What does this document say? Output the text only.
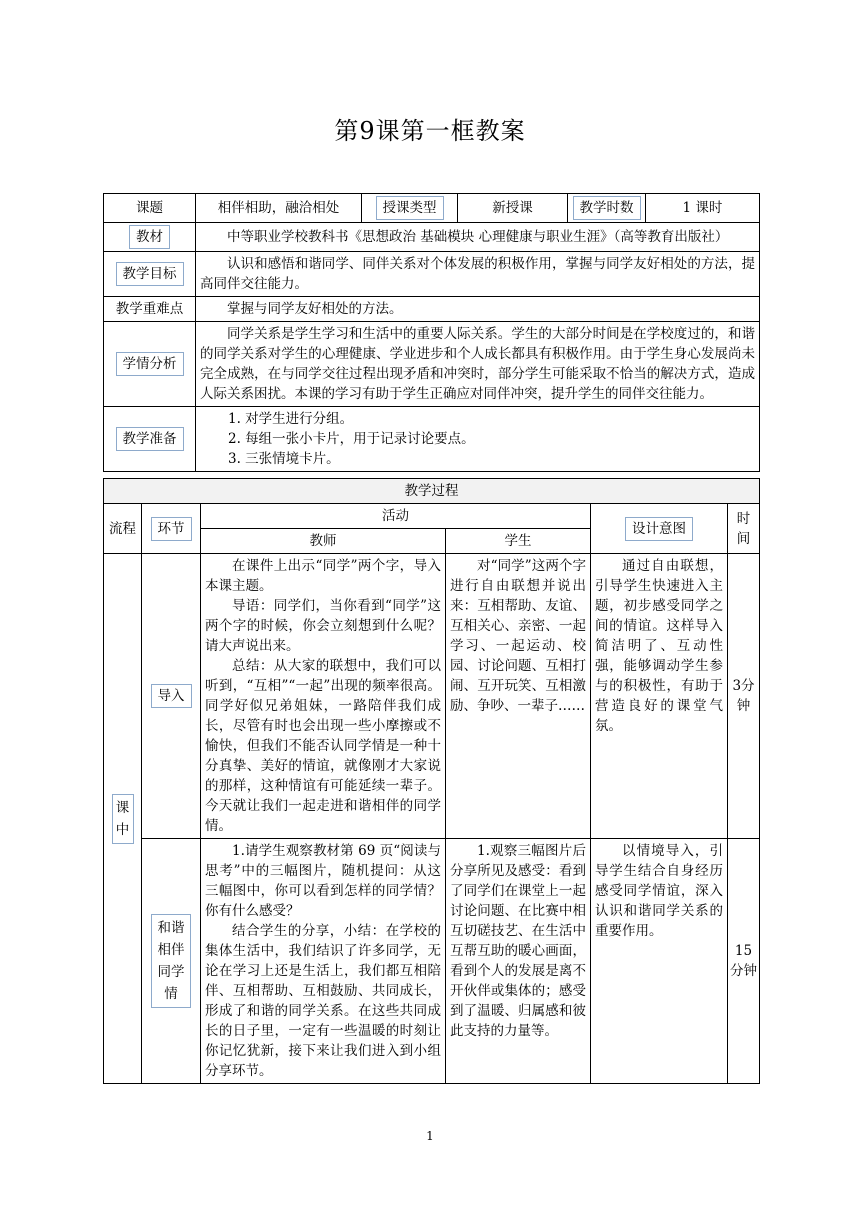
第9课第一框教案
课题	相伴相助，融洽相处	授课类型	新授课	教学时数	1 课时
教材	中等职业学校教科书《思想政治 基础模块 心理健康与职业生涯》（高等教育出版社）				
教学目标	认识和感悟和谐同学、同伴关系对个体发展的积极作用，掌握与同学友好相处的方法，提高同伴交往能力。				
教学重难点	掌握与同学友好相处的方法。				
学情分析	同学关系是学生学习和生活中的重要人际关系。学生的大部分时间是在学校度过的，和谐的同学关系对学生的心理健康、学业进步和个人成长都具有积极作用。由于学生身心发展尚未完全成熟，在与同学交往过程出现矛盾和冲突时，部分学生可能采取不恰当的解决方式，造成人际关系困扰。本课的学习有助于学生正确应对同伴冲突，提升学生的同伴交往能力。				
教学准备	1. 对学生进行分组。
2. 每组一张小卡片，用于记录讨论要点。
3. 三张情境卡片。				
教学过程					
流程	环节	活动		设计意图	时间
		教师	学生		
课中	导入	在课件上出示“同学”两个字，导入本课主题。

导语：同学们，当你看到“同学”这两个字的时候，你会立刻想到什么呢？请大声说出来。

总结：从大家的联想中，我们可以听到，“互相”“一起”出现的频率很高。同学好似兄弟姐妹，一路陪伴我们成长，尽管有时也会出现一些小摩擦或不愉快，但我们不能否认同学情是一种十分真挚、美好的情谊，就像刚才大家说的那样，这种情谊有可能延续一辈子。今天就让我们一起走进和谐相伴的同学情。	对“同学”这两个字进行自由联想并说出来：互相帮助、友谊、互相关心、亲密、一起学习、一起运动、校园、讨论问题、互相打闹、互开玩笑、互相激励、争吵、一辈子……	通过自由联想，引导学生快速进入主题，初步感受同学之间的情谊。这样导入简洁明了、互动性强，能够调动学生参与的积极性，有助于营造良好的课堂气氛。	3分钟
	和谐相伴同学情	1.请学生观察教材第 69 页“阅读与思考”中的三幅图片，随机提问：从这三幅图中，你可以看到怎样的同学情？你有什么感受？

结合学生的分享，小结：在学校的集体生活中，我们结识了许多同学，无论在学习上还是生活上，我们都互相陪伴、互相帮助、互相鼓励、共同成长，形成了和谐的同学关系。在这些共同成长的日子里，一定有一些温暖的时刻让你记忆犹新，接下来让我们进入到小组分享环节。	1.观察三幅图片后分享所见及感受：看到了同学们在课堂上一起讨论问题、在比赛中相互切磋技艺、在生活中互帮互助的暖心画面，看到个人的发展是离不开伙伴或集体的；感受到了温暖、归属感和彼此支持的力量等。	以情境导入，引导学生结合自身经历感受同学情谊，深入认识和谐同学关系的重要作用。	15分钟
1
